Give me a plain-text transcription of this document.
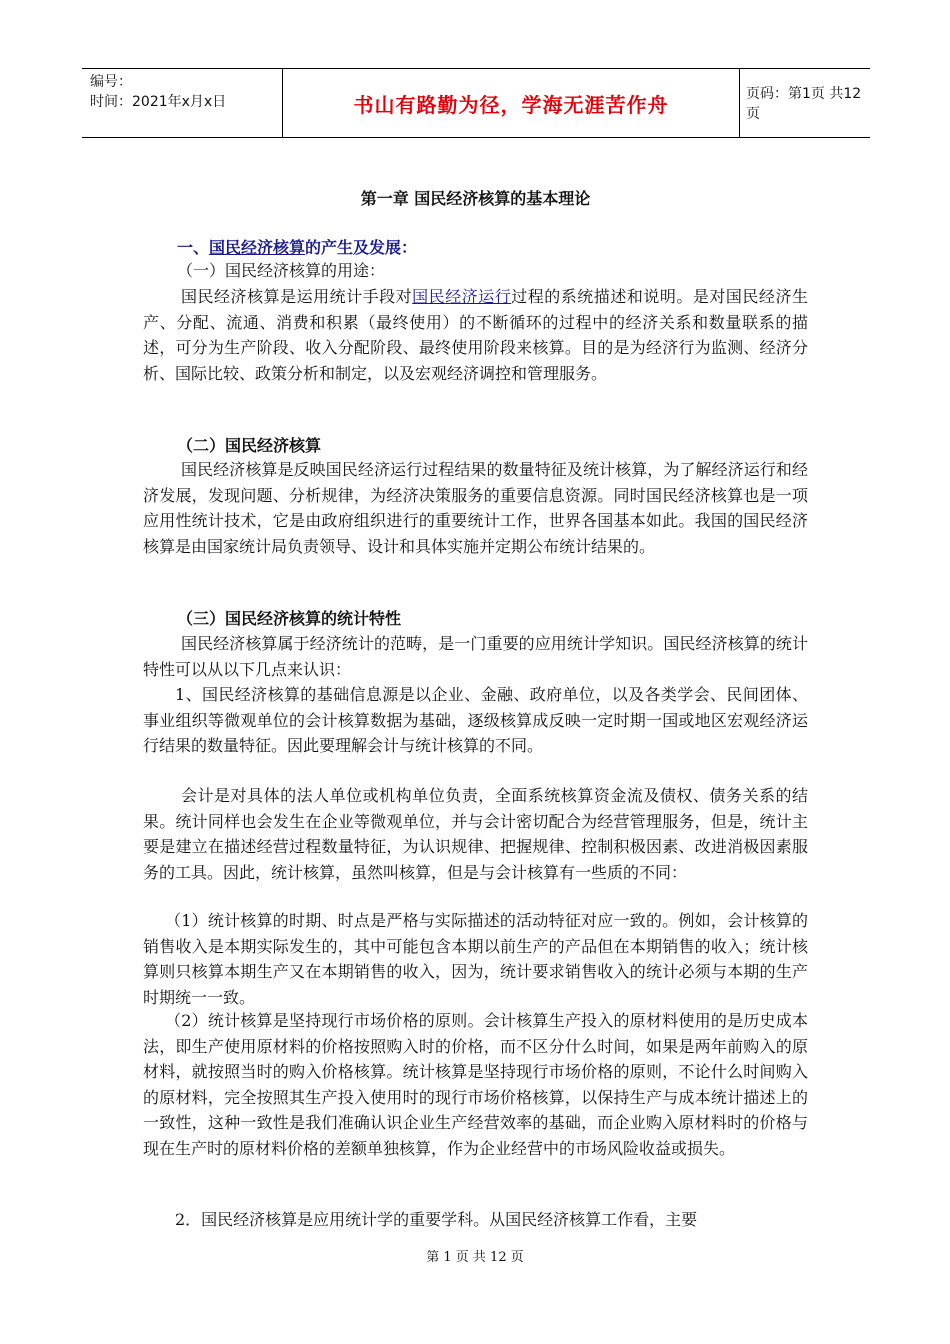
编号：
时间：2021年x月x日	书山有路勤为径，学海无涯苦作舟	页码：第1页 共12页
第一章 国民经济核算的基本理论
一、国民经济核算的产生及发展：
（一）国民经济核算的用途：
国民经济核算是运用统计手段对国民经济运行过程的系统描述和说明。是对国民经济生产、分配、流通、消费和积累（最终使用）的不断循环的过程中的经济关系和数量联系的描述，可分为生产阶段、收入分配阶段、最终使用阶段来核算。目的是为经济行为监测、经济分析、国际比较、政策分析和制定，以及宏观经济调控和管理服务。
（二）国民经济核算
国民经济核算是反映国民经济运行过程结果的数量特征及统计核算，为了解经济运行和经济发展，发现问题、分析规律，为经济决策服务的重要信息资源。同时国民经济核算也是一项应用性统计技术，它是由政府组织进行的重要统计工作，世界各国基本如此。我国的国民经济核算是由国家统计局负责领导、设计和具体实施并定期公布统计结果的。
（三）国民经济核算的统计特性
国民经济核算属于经济统计的范畴，是一门重要的应用统计学知识。国民经济核算的统计特性可以从以下几点来认识：
1、国民经济核算的基础信息源是以企业、金融、政府单位，以及各类学会、民间团体、事业组织等微观单位的会计核算数据为基础，逐级核算成反映一定时期一国或地区宏观经济运行结果的数量特征。因此要理解会计与统计核算的不同。
会计是对具体的法人单位或机构单位负责，全面系统核算资金流及债权、债务关系的结果。统计同样也会发生在企业等微观单位，并与会计密切配合为经营管理服务，但是，统计主要是建立在描述经营过程数量特征，为认识规律、把握规律、控制积极因素、改进消极因素服务的工具。因此，统计核算，虽然叫核算，但是与会计核算有一些质的不同：
（1）统计核算的时期、时点是严格与实际描述的活动特征对应一致的。例如，会计核算的销售收入是本期实际发生的，其中可能包含本期以前生产的产品但在本期销售的收入；统计核算则只核算本期生产又在本期销售的收入，因为，统计要求销售收入的统计必须与本期的生产时期统一一致。
（2）统计核算是坚持现行市场价格的原则。会计核算生产投入的原材料使用的是历史成本法，即生产使用原材料的价格按照购入时的价格，而不区分什么时间，如果是两年前购入的原材料，就按照当时的购入价格核算。统计核算是坚持现行市场价格的原则，不论什么时间购入的原材料，完全按照其生产投入使用时的现行市场价格核算，以保持生产与成本统计描述上的一致性，这种一致性是我们准确认识企业生产经营效率的基础，而企业购入原材料时的价格与现在生产时的原材料价格的差额单独核算，作为企业经营中的市场风险收益或损失。
2．国民经济核算是应用统计学的重要学科。从国民经济核算工作看，主要
第 1 页 共 12 页
